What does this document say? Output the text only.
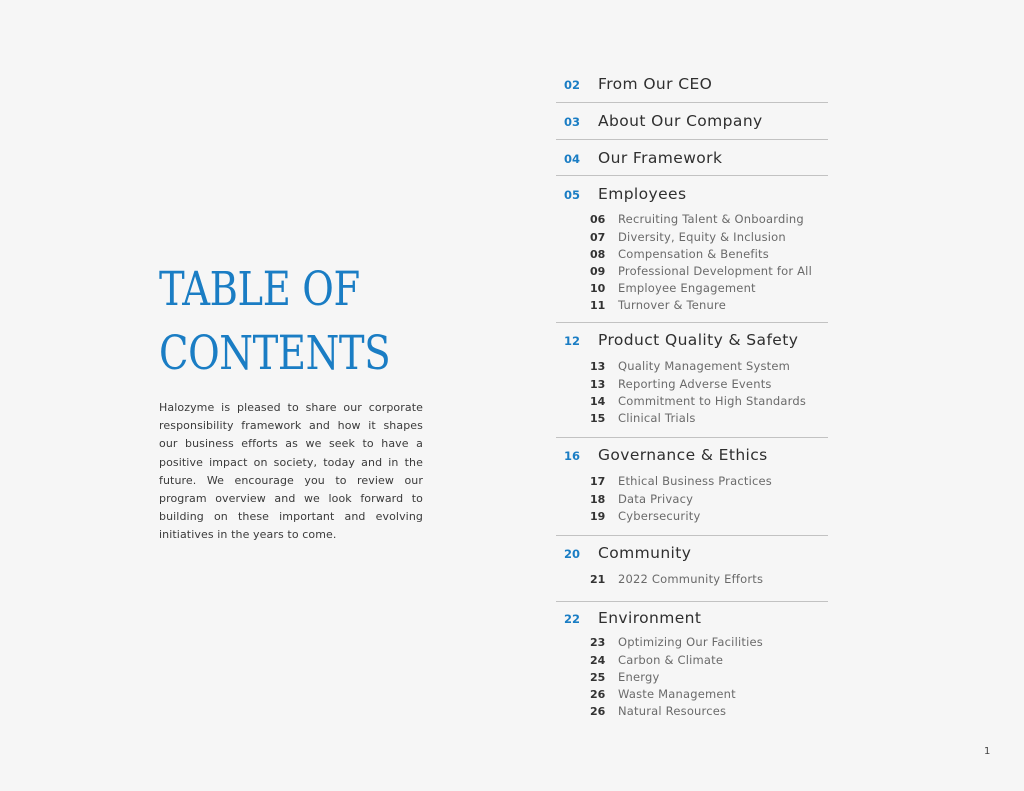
TABLE OF
CONTENTS

Halozyme is pleased to share our corporate responsibility framework and how it shapes our business efforts as we seek to have a positive impact on society, today and in the future. We encourage you to review our program overview and we look forward to building on these important and evolving initiatives in the years to come.

02	From Our CEO
03	About Our Company
04	Our Framework
05	Employees
06	Recruiting Talent & Onboarding
07	Diversity, Equity & Inclusion
08	Compensation & Benefits
09	Professional Development for All
10	Employee Engagement
11	Turnover & Tenure
12	Product Quality & Safety
13	Quality Management System
13	Reporting Adverse Events
14	Commitment to High Standards
15	Clinical Trials
16	Governance & Ethics
17	Ethical Business Practices
18	Data Privacy
19	Cybersecurity
20	Community
21	2022 Community Efforts
22	Environment
23	Optimizing Our Facilities
24	Carbon & Climate
25	Energy
26	Waste Management
26	Natural Resources
1
